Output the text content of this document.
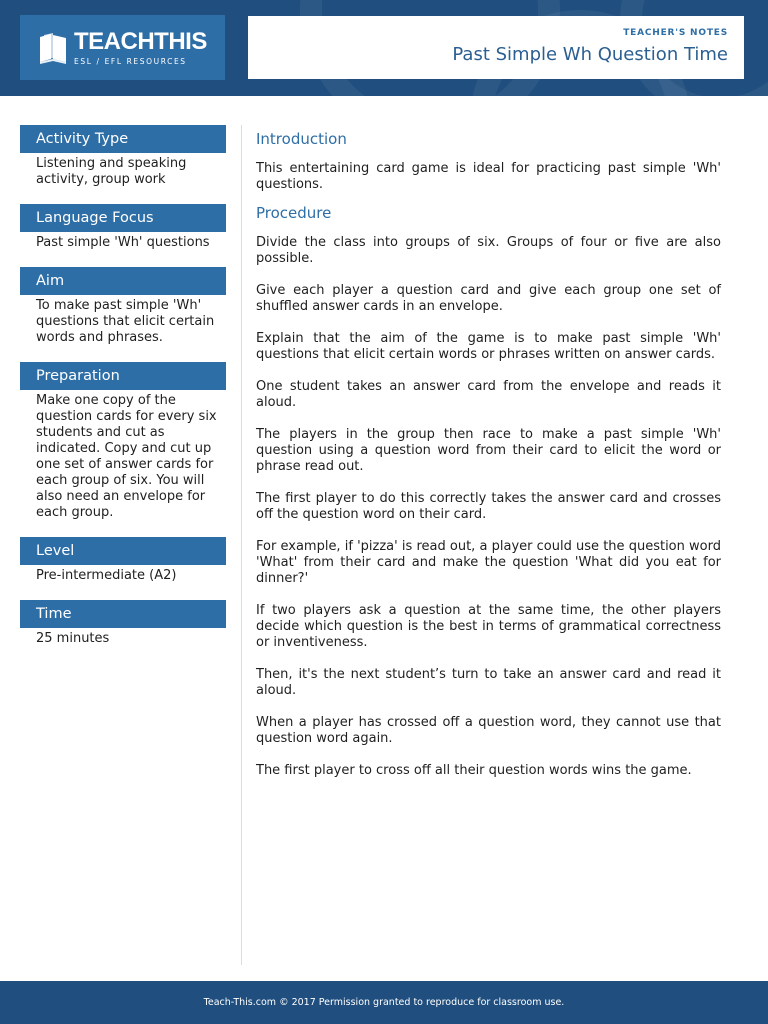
TEACHTHIS
ESL / EFL RESOURCES
TEACHER'S NOTES
Past Simple Wh Question Time
Activity Type
Listening and speaking activity, group work
Language Focus
Past simple 'Wh' questions
Aim
To make past simple 'Wh' questions that elicit certain words and phrases.
Preparation
Make one copy of the question cards for every six students and cut as indicated. Copy and cut up one set of answer cards for each group of six. You will also need an envelope for each group.
Level
Pre-intermediate (A2)
Time
25 minutes
Introduction

This entertaining card game is ideal for practicing past simple 'Wh' questions.

Procedure

Divide the class into groups of six. Groups of four or five are also possible.

Give each player a question card and give each group one set of shuffled answer cards in an envelope.

Explain that the aim of the game is to make past simple 'Wh' questions that elicit certain words or phrases written on answer cards.

One student takes an answer card from the envelope and reads it aloud.

The players in the group then race to make a past simple 'Wh' question using a question word from their card to elicit the word or phrase read out.

The first player to do this correctly takes the answer card and crosses off the question word on their card.

For example, if 'pizza' is read out, a player could use the question word 'What' from their card and make the question 'What did you eat for dinner?'

If two players ask a question at the same time, the other players decide which question is the best in terms of grammatical correctness or inventiveness.

Then, it's the next student’s turn to take an answer card and read it aloud.

When a player has crossed off a question word, they cannot use that question word again.

The first player to cross off all their question words wins the game.

Teach-This.com © 2017 Permission granted to reproduce for classroom use.
